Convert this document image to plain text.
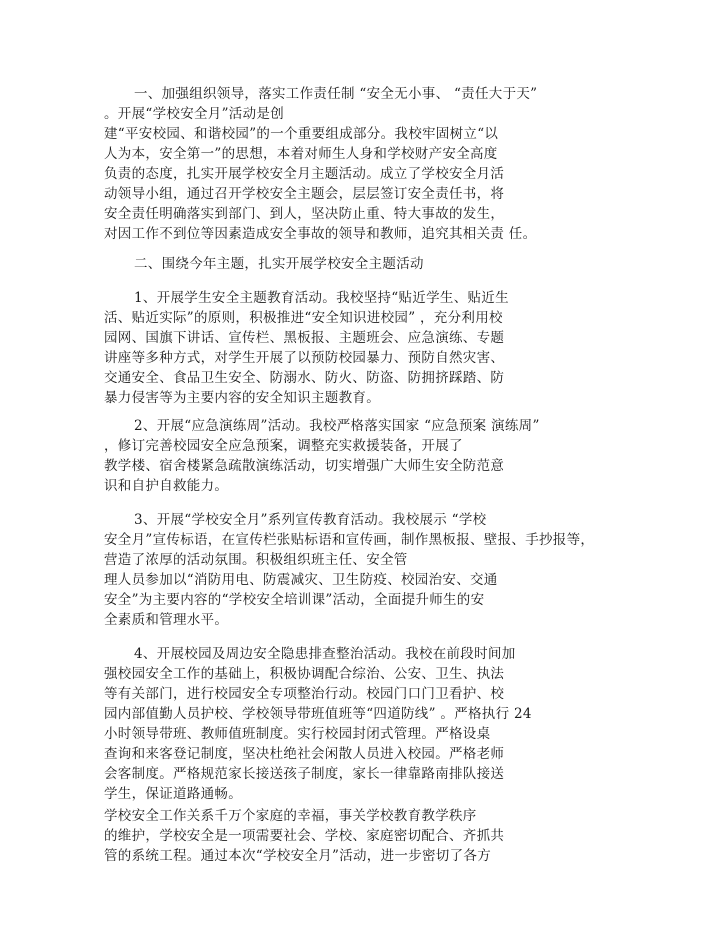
一、加强组织领导，落实工作责任制 “安全无小事、 “责任大于天”
。开展“学校安全月”活动是创
建“平安校园、和谐校园”的一个重要组成部分。我校牢固树立“以
人为本，安全第一”的思想，本着对师生人身和学校财产安全高度
负责的态度，扎实开展学校安全月主题活动。成立了学校安全月活
动领导小组，通过召开学校安全主题会，层层签订安全责任书，将
安全责任明确落实到部门、到人，坚决防止重、特大事故的发生，
对因工作不到位等因素造成安全事故的领导和教师，追究其相关责 任。
二、围绕今年主题，扎实开展学校安全主题活动
1、开展学生安全主题教育活动。我校坚持“贴近学生、贴近生
活、贴近实际”的原则，积极推进“安全知识进校园” ，充分利用校
园网、国旗下讲话、宣传栏、黑板报、主题班会、应急演练、专题
讲座等多种方式，对学生开展了以预防校园暴力、预防自然灾害、
交通安全、食品卫生安全、防溺水、防火、防盗、防拥挤踩踏、防
暴力侵害等为主要内容的安全知识主题教育。
2、开展“应急演练周”活动。我校严格落实国家 “应急预案 演练周”
，修订完善校园安全应急预案，调整充实救援装备，开展了
教学楼、宿舍楼紧急疏散演练活动，切实增强广大师生安全防范意
识和自护自救能力。
3、开展“学校安全月”系列宣传教育活动。我校展示 “学校
安全月”宣传标语，在宣传栏张贴标语和宣传画，制作黑板报、壁报、手抄报等，
营造了浓厚的活动氛围。积极组织班主任、安全管
理人员参加以“消防用电、防震减灾、卫生防疫、校园治安、交通
安全”为主要内容的“学校安全培训课”活动，全面提升师生的安
全素质和管理水平。
4、开展校园及周边安全隐患排查整治活动。我校在前段时间加
强校园安全工作的基础上，积极协调配合综治、公安、卫生、执法
等有关部门，进行校园安全专项整治行动。校园门口门卫看护、校
园内部值勤人员护校、学校领导带班值班等“四道防线” 。严格执行 24
小时领导带班、教师值班制度。实行校园封闭式管理。严格设桌
查询和来客登记制度，坚决杜绝社会闲散人员进入校园。严格老师
会客制度。严格规范家长接送孩子制度，家长一律靠路南排队接送
学生，保证道路通畅。
学校安全工作关系千万个家庭的幸福，事关学校教育教学秩序
的维护，学校安全是一项需要社会、学校、家庭密切配合、齐抓共
管的系统工程。通过本次“学校安全月”活动，进一步密切了各方
